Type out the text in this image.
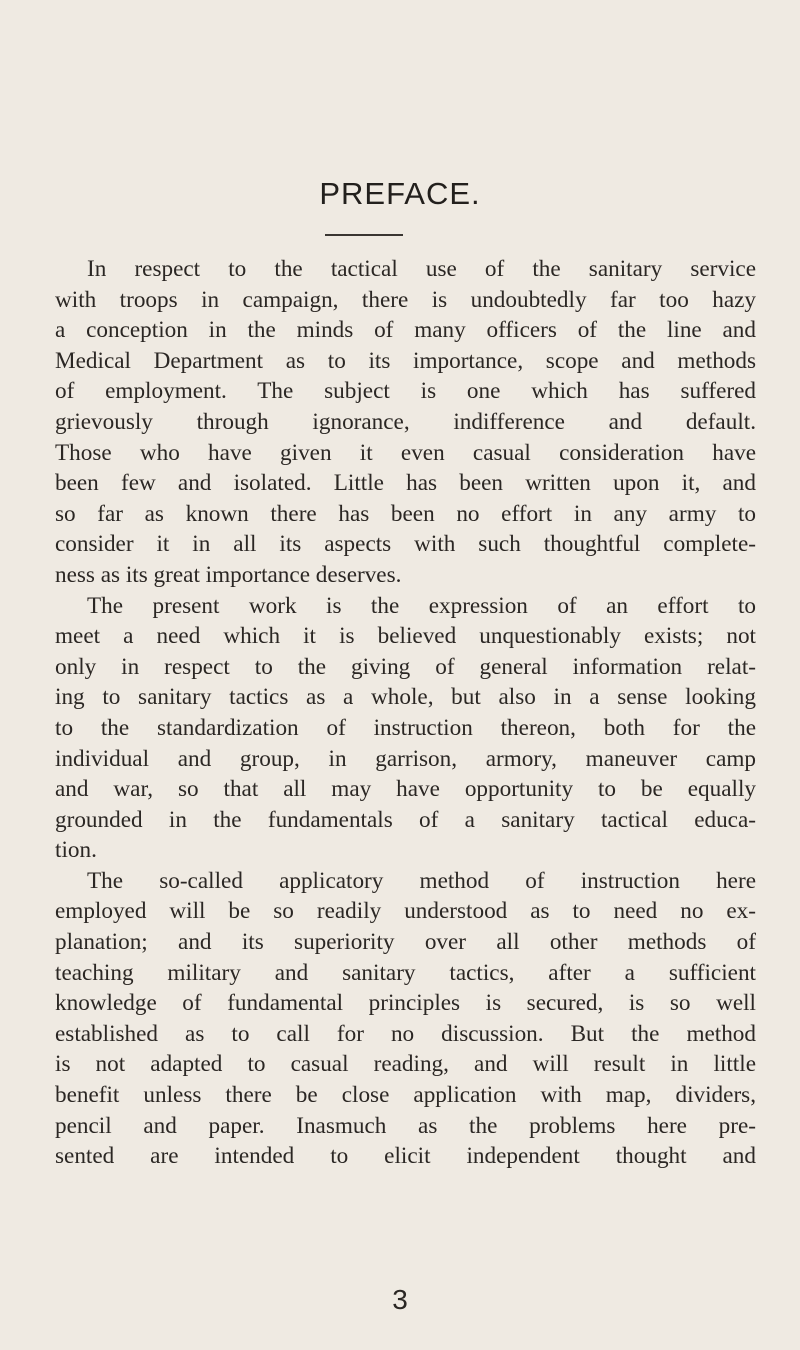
PREFACE.
In respect to the tactical use of the sanitary service
with troops in campaign, there is undoubtedly far too hazy
a conception in the minds of many officers of the line and
Medical Department as to its importance, scope and methods
of employment. The subject is one which has suffered
grievously through ignorance, indifference and default.
Those who have given it even casual consideration have
been few and isolated. Little has been written upon it, and
so far as known there has been no effort in any army to
consider it in all its aspects with such thoughtful complete-
ness as its great importance deserves.
The present work is the expression of an effort to
meet a need which it is believed unquestionably exists; not
only in respect to the giving of general information relat-
ing to sanitary tactics as a whole, but also in a sense looking
to the standardization of instruction thereon, both for the
individual and group, in garrison, armory, maneuver camp
and war, so that all may have opportunity to be equally
grounded in the fundamentals of a sanitary tactical educa-
tion.
The so-called applicatory method of instruction here
employed will be so readily understood as to need no ex-
planation; and its superiority over all other methods of
teaching military and sanitary tactics, after a sufficient
knowledge of fundamental principles is secured, is so well
established as to call for no discussion. But the method
is not adapted to casual reading, and will result in little
benefit unless there be close application with map, dividers,
pencil and paper. Inasmuch as the problems here pre-
sented are intended to elicit independent thought and
3
